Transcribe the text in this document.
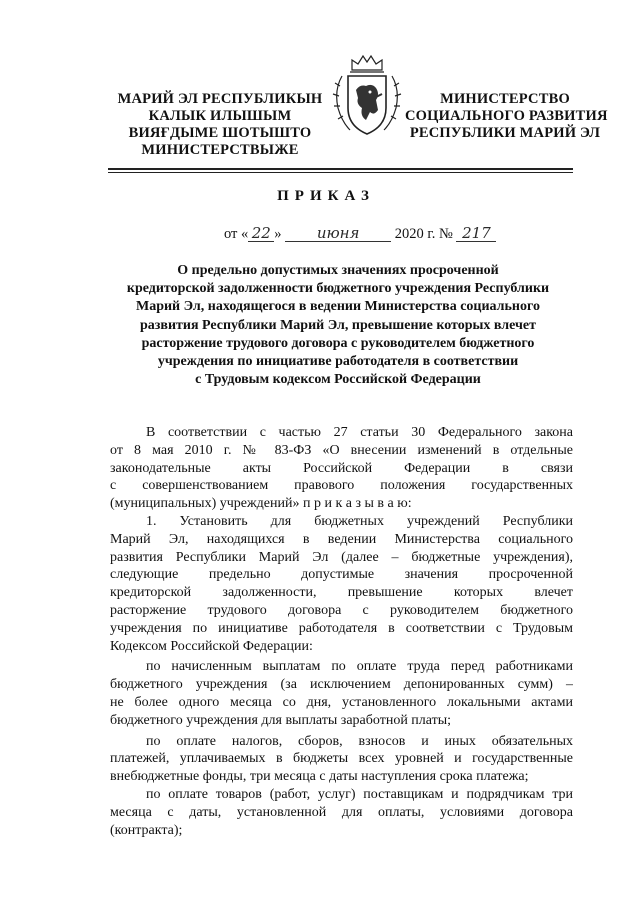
МАРИЙ ЭЛ РЕСПУБЛИКЫН
КАЛЫК ИЛЫШЫМ
ВИЯҒДЫМЕ ШОТЫШТО
МИНИСТЕРСТВЫЖЕ
МИНИСТЕРСТВО
СОЦИАЛЬНОГО РАЗВИТИЯ
РЕСПУБЛИКИ МАРИЙ ЭЛ
ПРИКАЗ
от « 22 » июня 2020 г. № 217
О предельно допустимых значениях просроченной
кредиторской задолженности бюджетного учреждения Республики
Марий Эл, находящегося в ведении Министерства социального
развития Республики Марий Эл, превышение которых влечет
расторжение трудового договора с руководителем бюджетного
учреждения по инициативе работодателя в соответствии
с Трудовым кодексом Российской Федерации
В соответствии с частью 27 статьи 30 Федерального закона
от 8 мая 2010 г. № 83-ФЗ «О внесении изменений в отдельные
законодательные акты Российской Федерации в связи
с совершенствованием правового положения государственных
(муниципальных) учреждений» п р и к а з ы в а ю:
1. Установить для бюджетных учреждений Республики
Марий Эл, находящихся в ведении Министерства социального
развития Республики Марий Эл (далее – бюджетные учреждения),
следующие предельно допустимые значения просроченной
кредиторской задолженности, превышение которых влечет
расторжение трудового договора с руководителем бюджетного
учреждения по инициативе работодателя в соответствии с Трудовым
Кодексом Российской Федерации:
по начисленным выплатам по оплате труда перед работниками
бюджетного учреждения (за исключением депонированных сумм) –
не более одного месяца со дня, установленного локальными актами
бюджетного учреждения для выплаты заработной платы;
по оплате налогов, сборов, взносов и иных обязательных
платежей, уплачиваемых в бюджеты всех уровней и государственные
внебюджетные фонды, три месяца с даты наступления срока платежа;
по оплате товаров (работ, услуг) поставщикам и подрядчикам три
месяца с даты, установленной для оплаты, условиями договора
(контракта);
